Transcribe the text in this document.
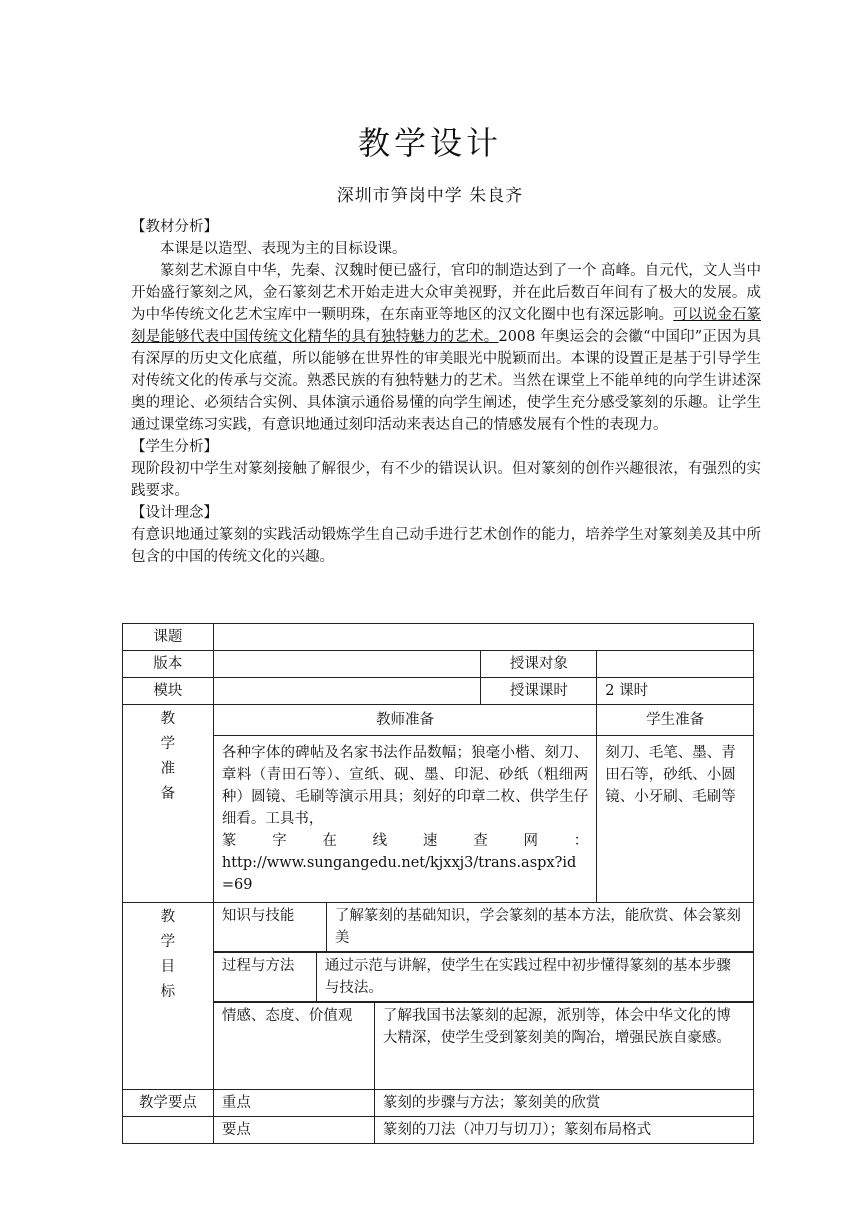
教学设计
深圳市笋岗中学 朱良齐
【教材分析】

本课是以造型、表现为主的目标设课。

篆刻艺术源自中华，先秦、汉魏时便已盛行，官印的制造达到了一个 高峰。自元代，文人当中开始盛行篆刻之风，金石篆刻艺术开始走进大众审美视野，并在此后数百年间有了极大的发展。成为中华传统文化艺术宝库中一颗明珠，在东南亚等地区的汉文化圈中也有深远影响。可以说金石篆刻是能够代表中国传统文化精华的具有独特魅力的艺术。2008 年奥运会的会徽“中国印”正因为具有深厚的历史文化底蕴，所以能够在世界性的审美眼光中脱颖而出。本课的设置正是基于引导学生对传统文化的传承与交流。熟悉民族的有独特魅力的艺术。当然在课堂上不能单纯的向学生讲述深奥的理论、必须结合实例、具体演示通俗易懂的向学生阐述，使学生充分感受篆刻的乐趣。让学生通过课堂练习实践，有意识地通过刻印活动来表达自己的情感发展有个性的表现力。

【学生分析】

现阶段初中学生对篆刻接触了解很少，有不少的错误认识。但对篆刻的创作兴趣很浓，有强烈的实践要求。

【设计理念】

有意识地通过篆刻的实践活动锻炼学生自己动手进行艺术创作的能力，培养学生对篆刻美及其中所包含的中国的传统文化的兴趣。

课题	
版本		授课对象	
模块		授课课时	2 课时
教学准备	教师准备	学生准备

各种字体的碑帖及名家书法作品数幅；狼毫小楷、刻刀、章料（青田石等）、宣纸、砚、墨、印泥、砂纸（粗细两种）圆镜、毛刷等演示用具；刻好的印章二枚、供学生仔细看。工具书，
篆 字 在 线 速 查 网 ：
http://www.sungangedu.net/kjxxj3/trans.aspx?id=69
	刻刀、毛笔、墨、青田石等，砂纸、小圆镜、小牙刷、毛刷等
教学目标	
知识与技能	了解篆刻的基础知识，学会篆刻的基本方法，能欣赏、体会篆刻美
过程与方法	通过示范与讲解，使学生在实践过程中初步懂得篆刻的基本步骤与技法。
情感、态度、价值观	了解我国书法篆刻的起源，派别等，体会中华文化的博大精深，使学生受到篆刻美的陶冶，增强民族自豪感。

教学要点	重点	篆刻的步骤与方法；篆刻美的欣赏

要点	篆刻的刀法（冲刀与切刀）；篆刻布局格式
